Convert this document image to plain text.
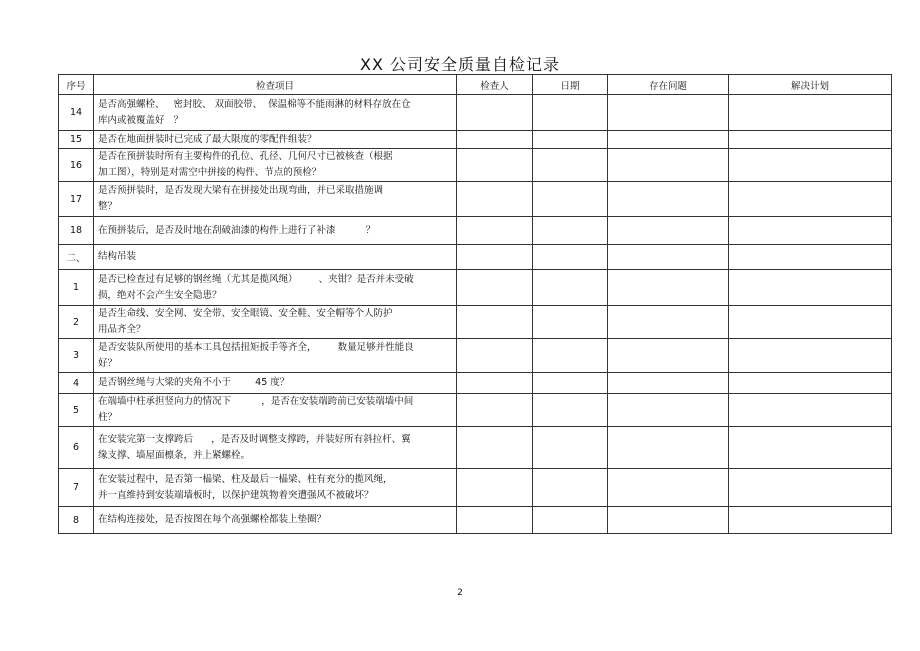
XX 公司安全质量自检记录
序号	检查项目	检查人	日期	存在问题	解决计划
14	是否高强螺栓、   密封胶、 双面胶带、  保温棉等不能雨淋的材料存放在仓
库内或被覆盖好   ？				
15	是否在地面拼装时已完成了最大限度的零配件组装？				
16	是否在预拼装时所有主要构件的孔位、孔径、几何尺寸已被核查（根据
加工图），特别是对需空中拼接的构件、节点的预检？				
17	是否预拼装时，是否发现大梁有在拼接处出现弯曲，并已采取措施调
整？				
18	在预拼装后，是否及时地在刮破油漆的构件上进行了补漆          ？				
二、	结构吊装				
1	是否已检查过有足够的钢丝绳（尤其是揽风绳）       、夹钳？是否并未受破
损，绝对不会产生安全隐患？				
2	是否生命线、安全网、安全带、安全眼镜、安全鞋、安全帽等个人防护
用品齐全？				
3	是否安装队所使用的基本工具包括扭矩扳手等齐全，       数量足够并性能良
好？				
4	是否钢丝绳与大梁的夹角不小于        45 度？				
5	在端墙中柱承担竖向力的情况下          ，是否在安装端跨前已安装端墙中间
柱？				
6	在安装完第一支撑跨后      ，是否及时调整支撑跨，并装好所有斜拉杆、翼
缘支撑、墙屋面檩条，并上紧螺栓。				
7	在安装过程中，是否第一榀梁、柱及最后一榀梁、柱有充分的揽风绳，
并一直维持到安装端墙板时，以保护建筑物着突遭强风不被破坏？				
8	在结构连接处，是否按图在每个高强螺栓都装上垫圈？				
2
